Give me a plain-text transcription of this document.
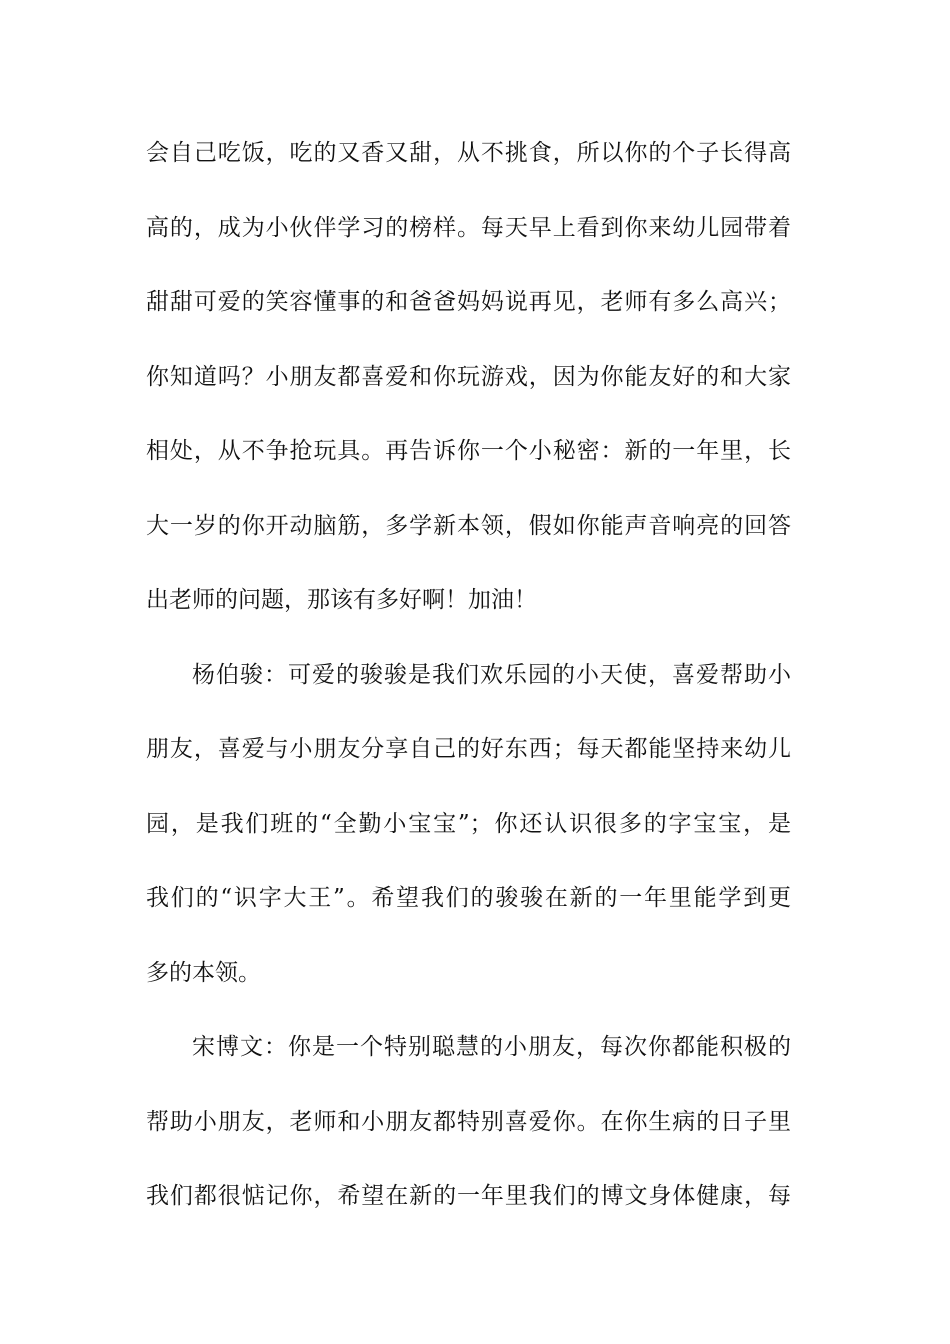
会自己吃饭，吃的又香又甜，从不挑食，所以你的个子长得高
高的，成为小伙伴学习的榜样。每天早上看到你来幼儿园带着
甜甜可爱的笑容懂事的和爸爸妈妈说再见，老师有多么高兴；
你知道吗？小朋友都喜爱和你玩游戏，因为你能友好的和大家
相处，从不争抢玩具。再告诉你一个小秘密：新的一年里，长
大一岁的你开动脑筋，多学新本领，假如你能声音响亮的回答
出老师的问题，那该有多好啊！加油！
杨伯骏：可爱的骏骏是我们欢乐园的小天使，喜爱帮助小
朋友，喜爱与小朋友分享自己的好东西；每天都能坚持来幼儿
园，是我们班的“全勤小宝宝”；你还认识很多的字宝宝，是
我们的“识字大王”。希望我们的骏骏在新的一年里能学到更
多的本领。
宋博文：你是一个特别聪慧的小朋友，每次你都能积极的
帮助小朋友，老师和小朋友都特别喜爱你。在你生病的日子里
我们都很惦记你，希望在新的一年里我们的博文身体健康，每
